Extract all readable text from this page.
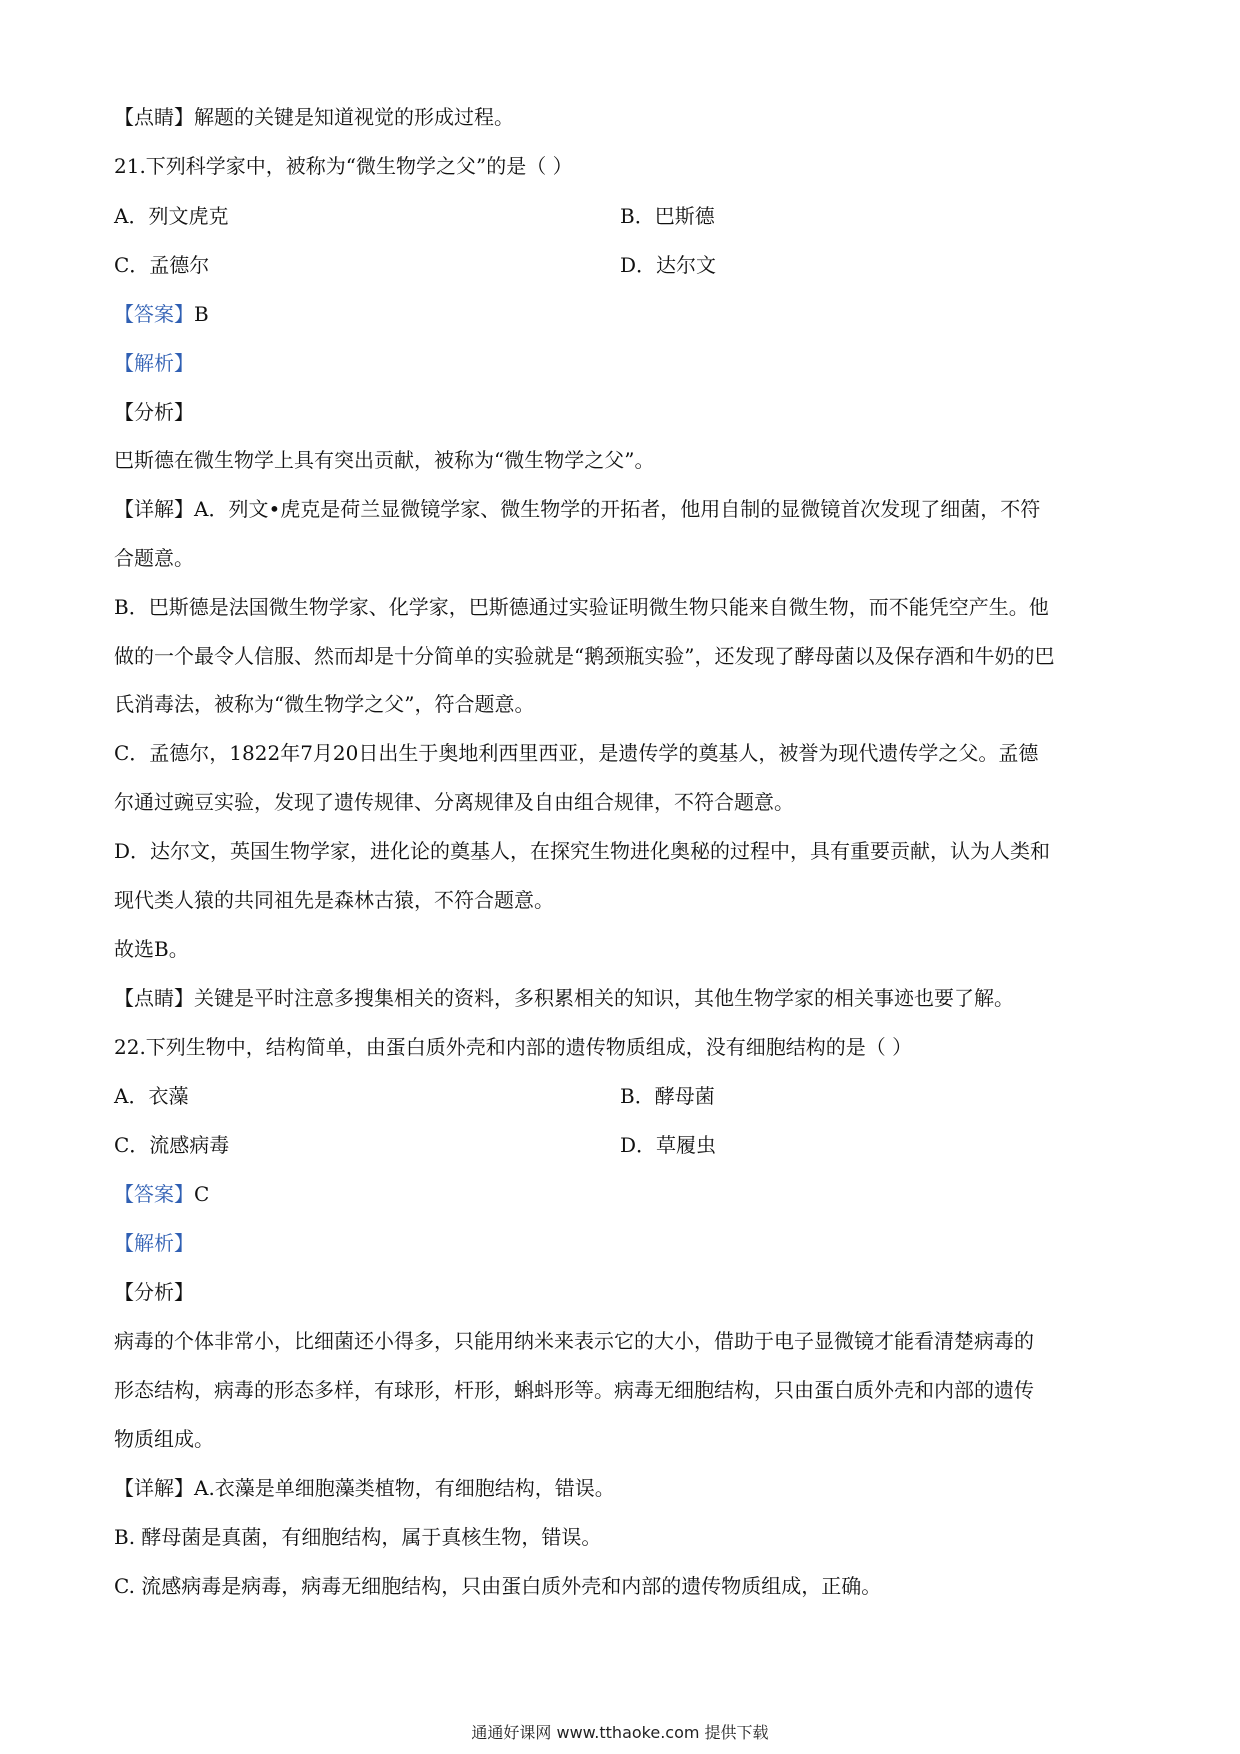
【点睛】解题的关键是知道视觉的形成过程。
21.下列科学家中，被称为“微生物学之父”的是（ ）
A．列文虎克	B．巴斯德
C．孟德尔	D．达尔文
【答案】B
【解析】
【分析】
巴斯德在微生物学上具有突出贡献，被称为“微生物学之父”。
【详解】A．列文•虎克是荷兰显微镜学家、微生物学的开拓者，他用自制的显微镜首次发现了细菌，不符
合题意。
B．巴斯德是法国微生物学家、化学家，巴斯德通过实验证明微生物只能来自微生物，而不能凭空产生。他
做的一个最令人信服、然而却是十分简单的实验就是“鹅颈瓶实验”，还发现了酵母菌以及保存酒和牛奶的巴
氏消毒法，被称为“微生物学之父”，符合题意。
C．孟德尔，1822年7月20日出生于奥地利西里西亚，是遗传学的奠基人，被誉为现代遗传学之父。孟德
尔通过豌豆实验，发现了遗传规律、分离规律及自由组合规律，不符合题意。
D．达尔文，英国生物学家，进化论的奠基人，在探究生物进化奥秘的过程中，具有重要贡献，认为人类和
现代类人猿的共同祖先是森林古猿，不符合题意。
故选B。
【点睛】关键是平时注意多搜集相关的资料，多积累相关的知识，其他生物学家的相关事迹也要了解。
22.下列生物中，结构简单，由蛋白质外壳和内部的遗传物质组成，没有细胞结构的是（ ）
A．衣藻	B．酵母菌
C．流感病毒	D．草履虫
【答案】C
【解析】
【分析】
病毒的个体非常小，比细菌还小得多，只能用纳米来表示它的大小，借助于电子显微镜才能看清楚病毒的
形态结构，病毒的形态多样，有球形，杆形，蝌蚪形等。病毒无细胞结构，只由蛋白质外壳和内部的遗传
物质组成。
【详解】A.衣藻是单细胞藻类植物，有细胞结构，错误。
B. 酵母菌是真菌，有细胞结构，属于真核生物，错误。
C. 流感病毒是病毒，病毒无细胞结构，只由蛋白质外壳和内部的遗传物质组成，正确。
通通好课网 www.tthaoke.com 提供下载
